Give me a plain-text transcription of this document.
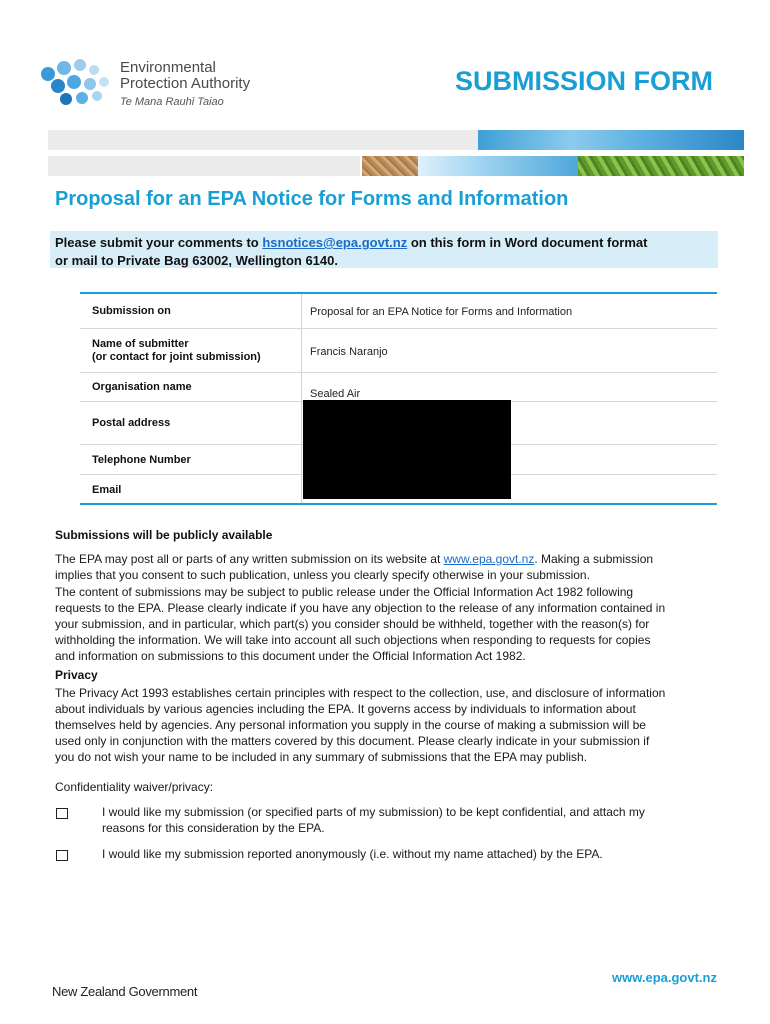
Environmental
Protection Authority
Te Mana Rauhī Taiao
SUBMISSION FORM
Proposal for an EPA Notice for Forms and Information
Please submit your comments to hsnotices@epa.govt.nz on this form in Word document format
or mail to Private Bag 63002, Wellington 6140.
Submission on	Proposal for an EPA Notice for Forms and Information
Name of submitter
(or contact for joint submission)	Francis Naranjo
Organisation name
Sealed Air
Postal address
Telephone Number
Email
Submissions will be publicly available
The EPA may post all or parts of any written submission on its website at www.epa.govt.nz. Making a submission
implies that you consent to such publication, unless you clearly specify otherwise in your submission.
The content of submissions may be subject to public release under the Official Information Act 1982 following
requests to the EPA. Please clearly indicate if you have any objection to the release of any information contained in
your submission, and in particular, which part(s) you consider should be withheld, together with the reason(s) for
withholding the information. We will take into account all such objections when responding to requests for copies
and information on submissions to this document under the Official Information Act 1982.
Privacy
The Privacy Act 1993 establishes certain principles with respect to the collection, use, and disclosure of information
about individuals by various agencies including the EPA. It governs access by individuals to information about
themselves held by agencies. Any personal information you supply in the course of making a submission will be
used only in conjunction with the matters covered by this document. Please clearly indicate in your submission if
you do not wish your name to be included in any summary of submissions that the EPA may publish.
Confidentiality waiver/privacy:
I would like my submission (or specified parts of my submission) to be kept confidential, and attach my
reasons for this consideration by the EPA.
I would like my submission reported anonymously (i.e. without my name attached) by the EPA.
www.epa.govt.nz
New Zealand Government
